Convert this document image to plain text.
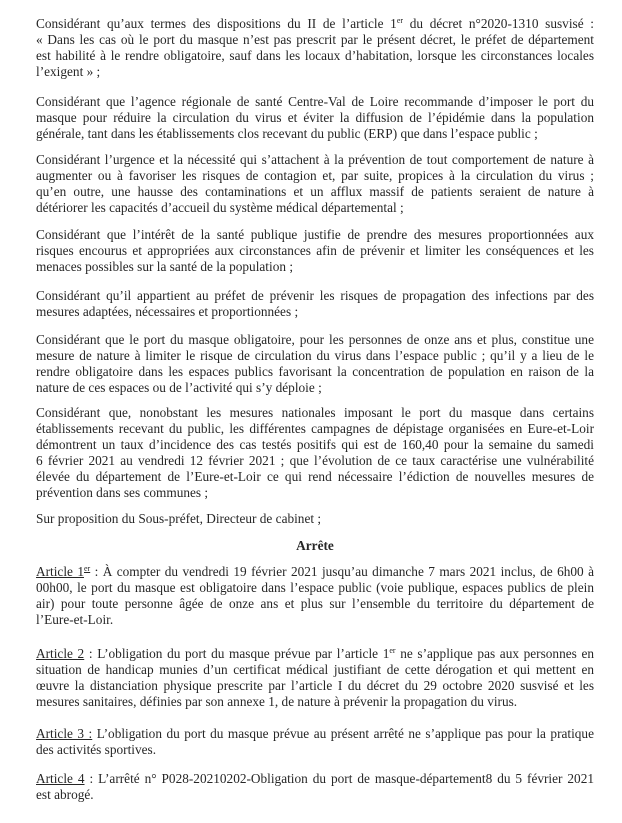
Considérant qu’aux termes des dispositions du II de l’article 1er du décret n°2020-1310 susvisé :
« Dans les cas où le port du masque n’est pas prescrit par le présent décret, le préfet de département
est habilité à le rendre obligatoire, sauf dans les locaux d’habitation, lorsque les circonstances locales
l’exigent » ;
Considérant que l’agence régionale de santé Centre-Val de Loire recommande d’imposer le port du
masque pour réduire la circulation du virus et éviter la diffusion de l’épidémie dans la population
générale, tant dans les établissements clos recevant du public (ERP) que dans l’espace public ;
Considérant l’urgence et la nécessité qui s’attachent à la prévention de tout comportement de nature à
augmenter ou à favoriser les risques de contagion et, par suite, propices à la circulation du virus ;
qu’en outre, une hausse des contaminations et un afflux massif de patients seraient de nature à
détériorer les capacités d’accueil du système médical départemental ;
Considérant que l’intérêt de la santé publique justifie de prendre des mesures proportionnées aux
risques encourus et appropriées aux circonstances afin de prévenir et limiter les conséquences et les
menaces possibles sur la santé de la population ;
Considérant qu’il appartient au préfet de prévenir les risques de propagation des infections par des
mesures adaptées, nécessaires et proportionnées ;
Considérant que le port du masque obligatoire, pour les personnes de onze ans et plus, constitue une
mesure de nature à limiter le risque de circulation du virus dans l’espace public ; qu’il y a lieu de le
rendre obligatoire dans les espaces publics favorisant la concentration de population en raison de la
nature de ces espaces ou de l’activité qui s’y déploie ;
Considérant que, nonobstant les mesures nationales imposant le port du masque dans certains
établissements recevant du public, les différentes campagnes de dépistage organisées en Eure-et-Loir
démontrent un taux d’incidence des cas testés positifs qui est de 160,40 pour la semaine du samedi
6 février 2021 au vendredi 12 février 2021 ; que l’évolution de ce taux caractérise une vulnérabilité
élevée du département de l’Eure-et-Loir ce qui rend nécessaire l’édiction de nouvelles mesures de
prévention dans ses communes ;
Sur proposition du Sous-préfet, Directeur de cabinet ;
Arrête
Article 1er : À compter du vendredi 19 février 2021 jusqu’au dimanche 7 mars 2021 inclus, de 6h00 à
00h00, le port du masque est obligatoire dans l’espace public (voie publique, espaces publics de plein
air) pour toute personne âgée de onze ans et plus sur l’ensemble du territoire du département de
l’Eure-et-Loir.
Article 2 : L’obligation du port du masque prévue par l’article 1er ne s’applique pas aux personnes en
situation de handicap munies d’un certificat médical justifiant de cette dérogation et qui mettent en
œuvre la distanciation physique prescrite par l’article I du décret du 29 octobre 2020 susvisé et les
mesures sanitaires, définies par son annexe 1, de nature à prévenir la propagation du virus.
Article 3 : L’obligation du port du masque prévue au présent arrêté ne s’applique pas pour la pratique
des activités sportives.
Article 4 : L’arrêté n° P028-20210202-Obligation du port de masque-département8 du 5 février 2021
est abrogé.
